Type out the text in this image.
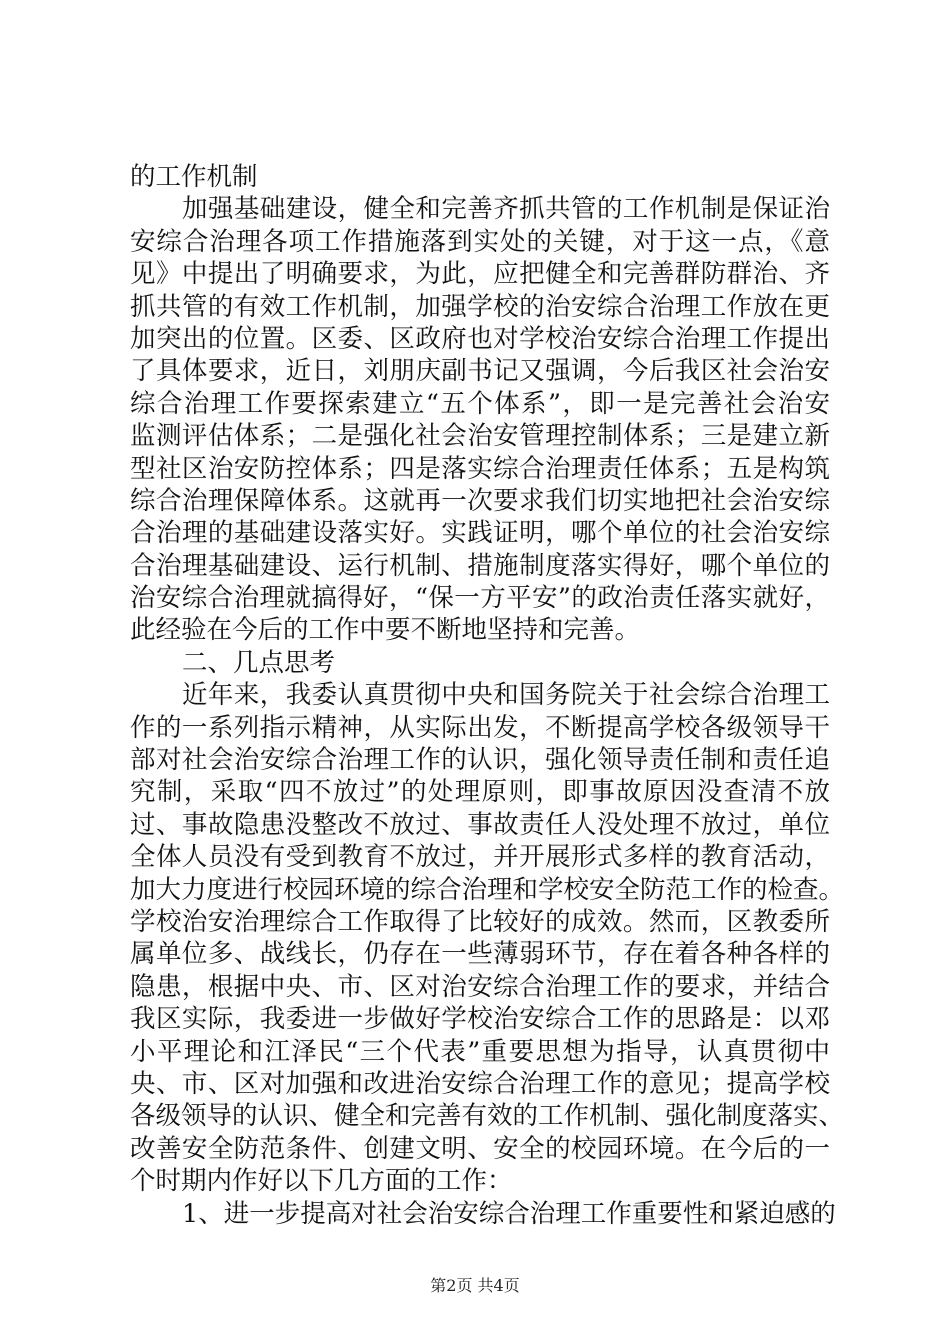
的工作机制
加强基础建设，健全和完善齐抓共管的工作机制是保证治
安综合治理各项工作措施落到实处的关键，对于这一点，《意
见》中提出了明确要求，为此，应把健全和完善群防群治、齐
抓共管的有效工作机制，加强学校的治安综合治理工作放在更
加突出的位置。区委、区政府也对学校治安综合治理工作提出
了具体要求，近日，刘朋庆副书记又强调，今后我区社会治安
综合治理工作要探索建立“五个体系”，即一是完善社会治安
监测评估体系；二是强化社会治安管理控制体系；三是建立新
型社区治安防控体系；四是落实综合治理责任体系；五是构筑
综合治理保障体系。这就再一次要求我们切实地把社会治安综
合治理的基础建设落实好。实践证明，哪个单位的社会治安综
合治理基础建设、运行机制、措施制度落实得好，哪个单位的
治安综合治理就搞得好，“保一方平安”的政治责任落实就好，
此经验在今后的工作中要不断地坚持和完善。
二、几点思考
近年来，我委认真贯彻中央和国务院关于社会综合治理工
作的一系列指示精神，从实际出发，不断提高学校各级领导干
部对社会治安综合治理工作的认识，强化领导责任制和责任追
究制，采取“四不放过”的处理原则，即事故原因没查清不放
过、事故隐患没整改不放过、事故责任人没处理不放过，单位
全体人员没有受到教育不放过，并开展形式多样的教育活动，
加大力度进行校园环境的综合治理和学校安全防范工作的检查。
学校治安治理综合工作取得了比较好的成效。然而，区教委所
属单位多、战线长，仍存在一些薄弱环节，存在着各种各样的
隐患，根据中央、市、区对治安综合治理工作的要求，并结合
我区实际，我委进一步做好学校治安综合工作的思路是：以邓
小平理论和江泽民“三个代表”重要思想为指导，认真贯彻中
央、市、区对加强和改进治安综合治理工作的意见；提高学校
各级领导的认识、健全和完善有效的工作机制、强化制度落实、
改善安全防范条件、创建文明、安全的校园环境。在今后的一
个时期内作好以下几方面的工作：
1、进一步提高对社会治安综合治理工作重要性和紧迫感的
第2页 共4页
